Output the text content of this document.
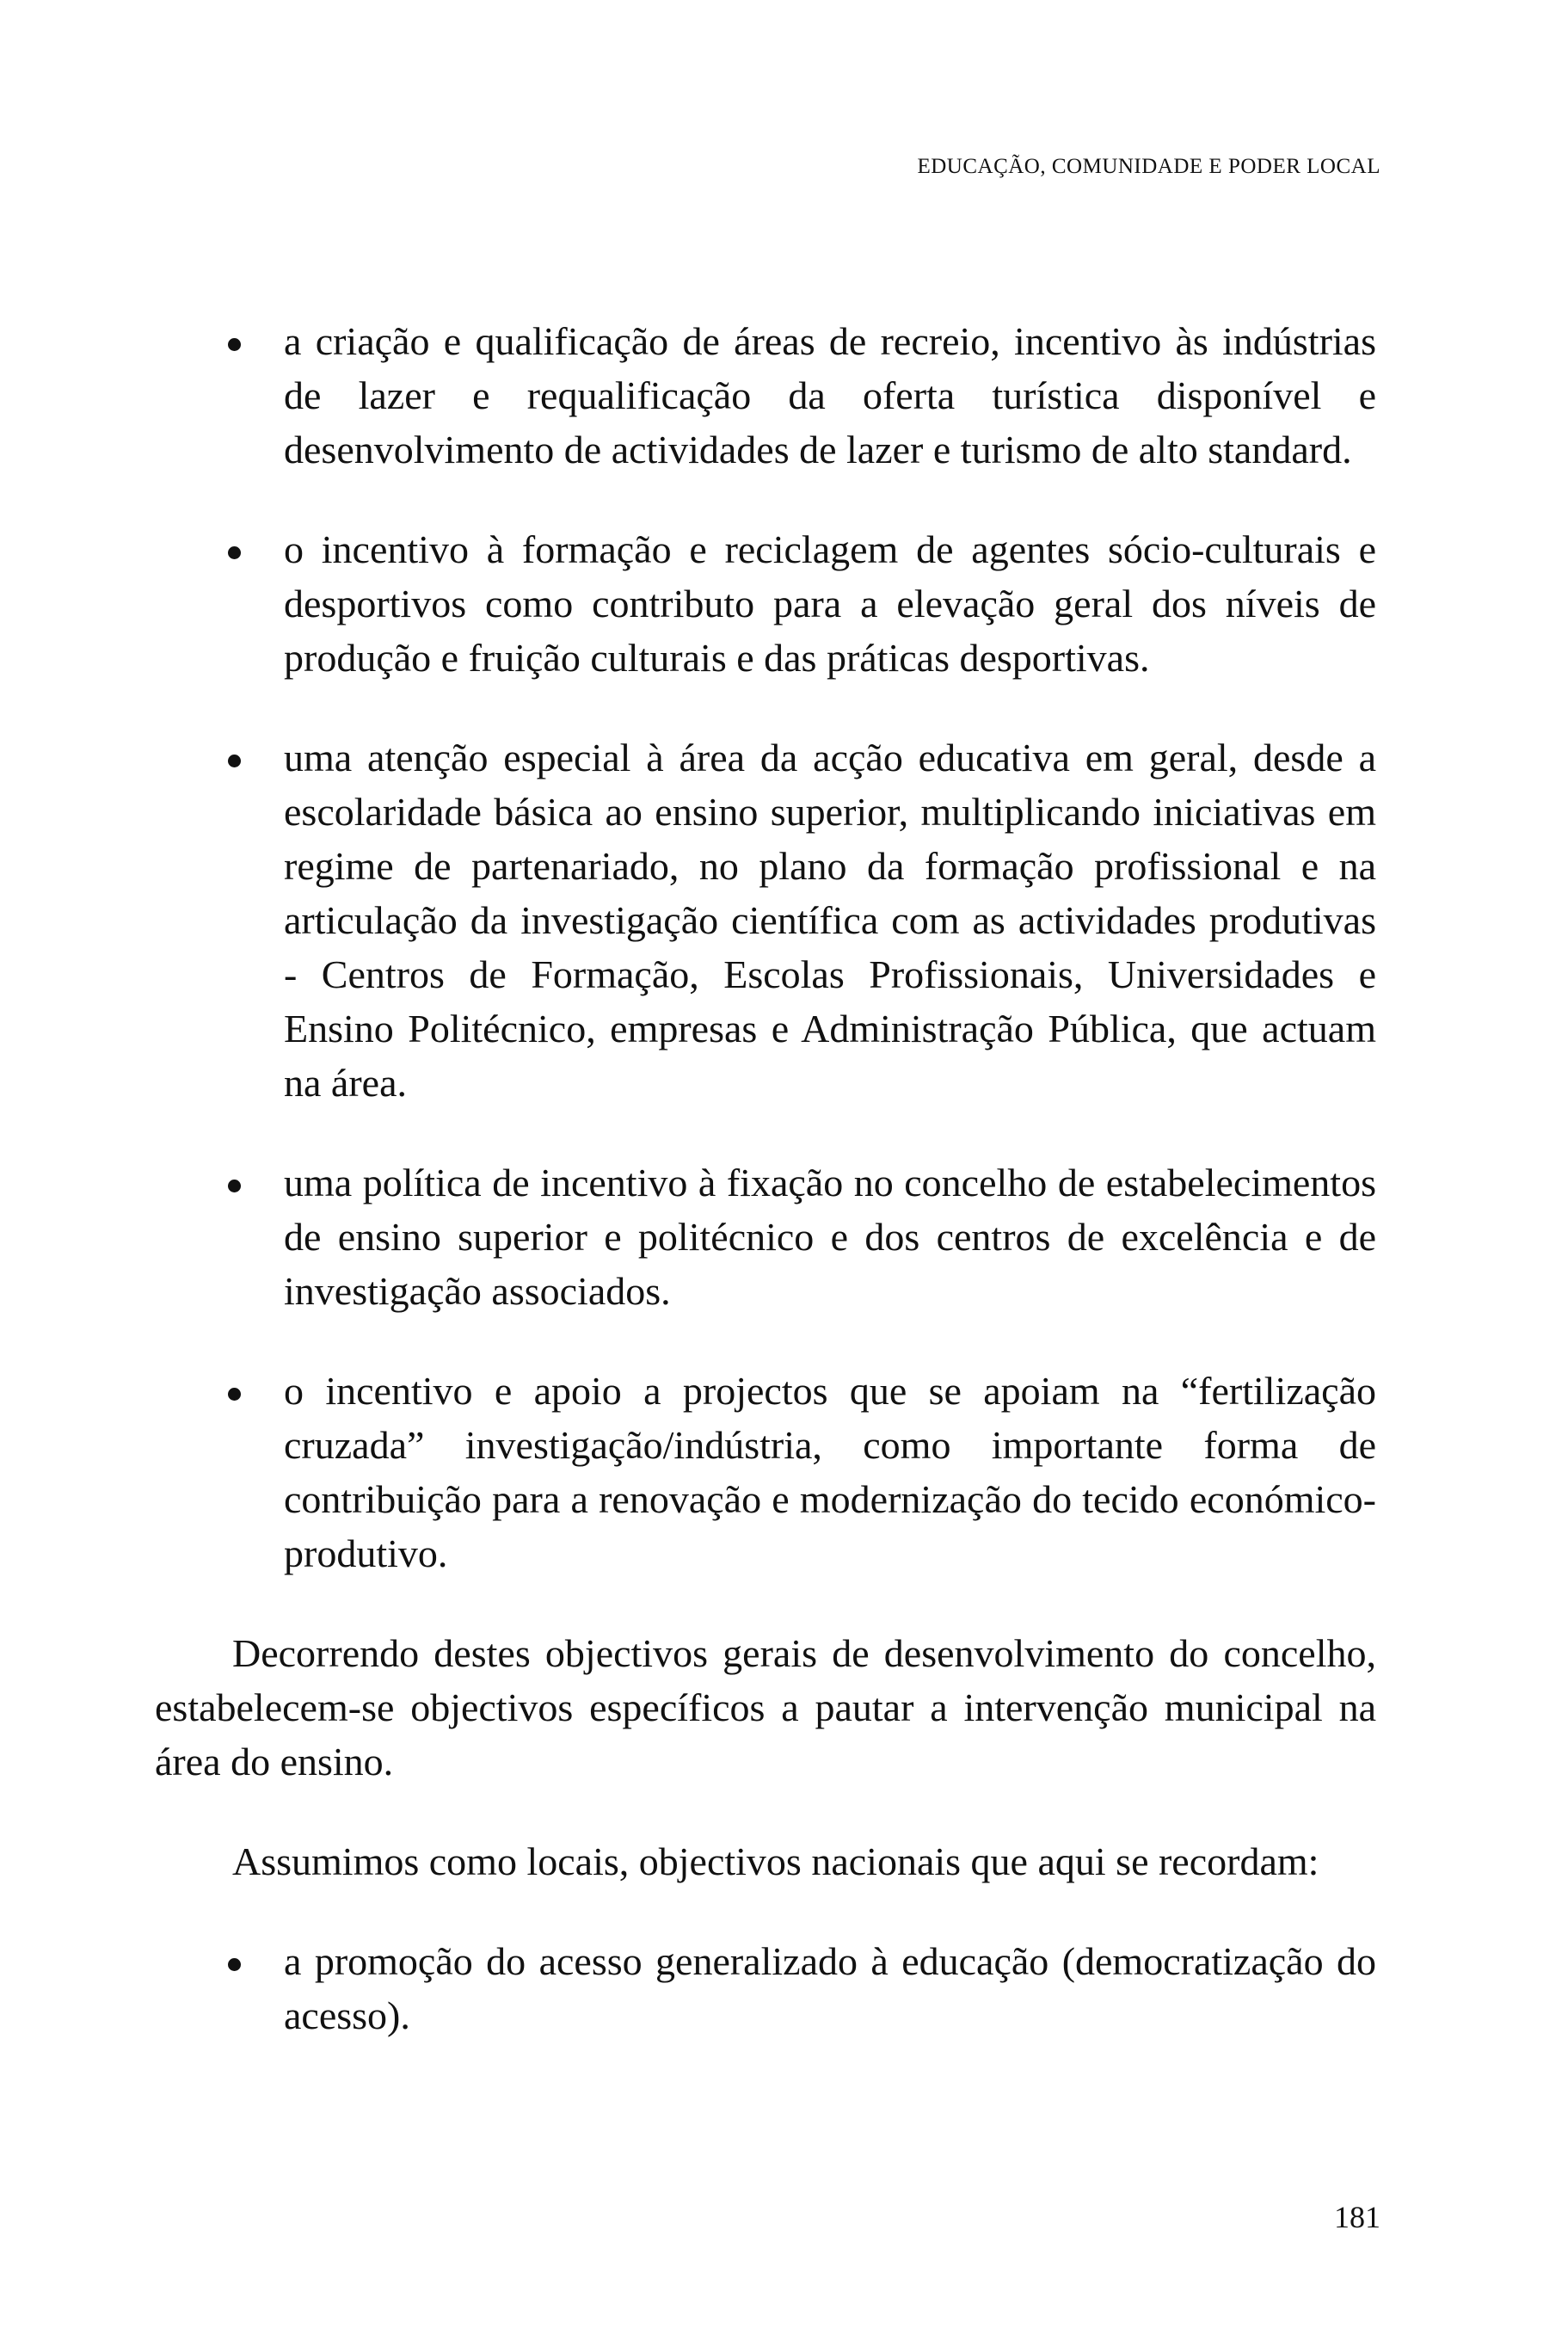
EDUCAÇÃO, COMUNIDADE E PODER LOCAL
a criação e qualificação de áreas de recreio, incentivo às indústrias de lazer e requalificação da oferta turística disponível e desenvolvimento de actividades de lazer e turismo de alto standard.
o incentivo à formação e reciclagem de agentes sócio-culturais e desportivos como contributo para a elevação geral dos níveis de produção e fruição culturais e das práticas desportivas.
uma atenção especial à área da acção educativa em geral, desde a escolaridade básica ao ensino superior, multiplicando iniciativas em regime de partenariado, no plano da formação profissional e na articulação da investigação científica com as actividades produtivas - Centros de Formação, Escolas Profissionais, Universidades e Ensino Politécnico, empresas e Administração Pública, que actuam na área.
uma política de incentivo à fixação no concelho de estabelecimentos de ensino superior e politécnico e dos centros de excelência e de investigação associados.
o incentivo e apoio a projectos que se apoiam na “fertilização cruzada” investigação/indústria, como importante forma de contribuição para a renovação e modernização do tecido económico-produtivo.

Decorrendo destes objectivos gerais de desenvolvimento do concelho, estabelecem-se objectivos específicos a pautar a intervenção municipal na área do ensino.

Assumimos como locais, objectivos nacionais que aqui se recordam:

a promoção do acesso generalizado à educação (democratização do acesso).
181
